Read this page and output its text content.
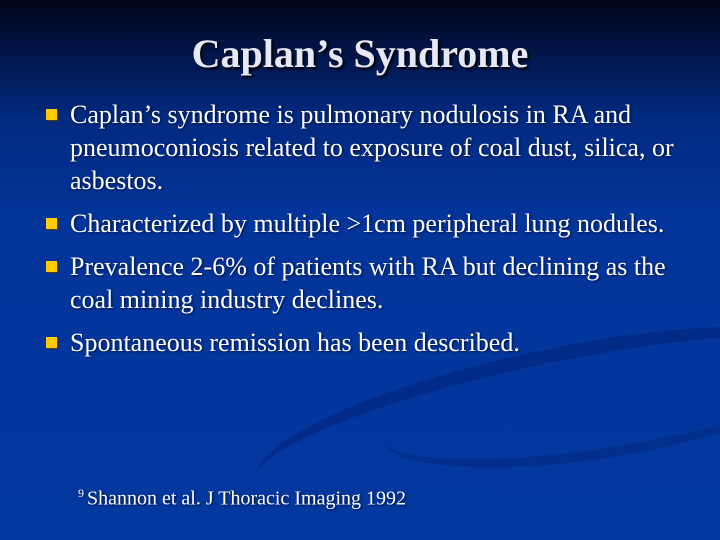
Caplan’s Syndrome
Caplan’s syndrome is pulmonary nodulosis in RA and pneumoconiosis related to exposure of coal dust, silica, or asbestos.
Characterized by multiple >1cm peripheral lung nodules.
Prevalence 2-6% of patients with RA but declining as the coal mining industry declines.
Spontaneous remission has been described.
$^9$ Shannon et al. J Thoracic Imaging 1992
